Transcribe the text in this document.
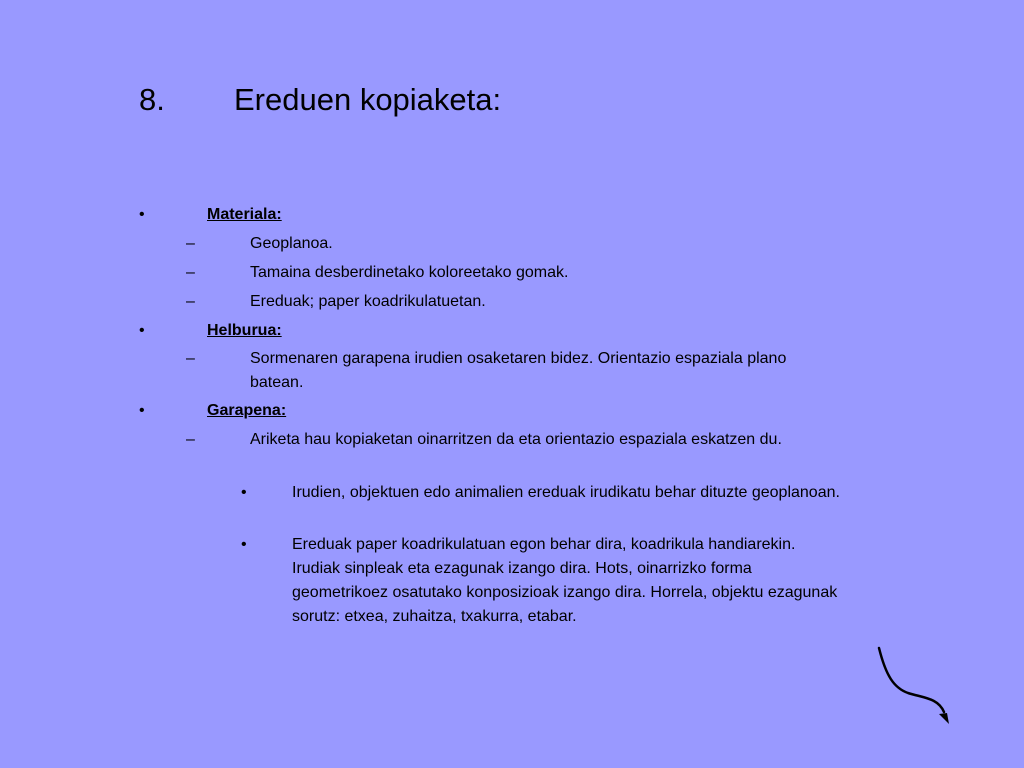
8. Ereduen kopiaketa:
•	Materiala:
–	Geoplanoa.
–	Tamaina desberdinetako koloreetako gomak.
–	Ereduak; paper koadrikulatuetan.
•	Helburua:
–	Sormenaren garapena irudien osaketaren bidez. Orientazio espaziala plano batean.
•	Garapena:
–	Ariketa hau kopiaketan oinarritzen da eta orientazio espaziala eskatzen du.
•	Irudien, objektuen edo animalien ereduak irudikatu behar dituzte geoplanoan.
•	Ereduak paper koadrikulatuan egon behar dira, koadrikula handiarekin. Irudiak sinpleak eta ezagunak izango dira. Hots, oinarrizko forma geometrikoez osatutako konposizioak izango dira. Horrela, objektu ezagunak sorutz: etxea, zuhaitza, txakurra, etabar.
